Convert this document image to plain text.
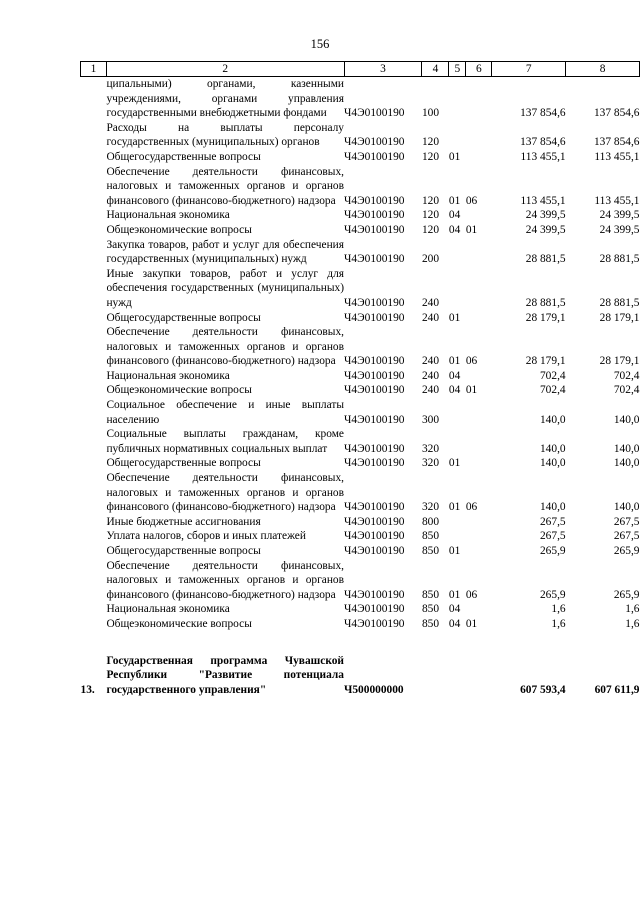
156
1	2	3	4	5	6	7	8

	ципальными) органами, казенными учреждениями, органами управления государственными внебюджетными фондами	Ч4Э0100190	100			137 854,6	137 854,6

	Расходы на выплаты персоналу государственных (муниципальных) органов	Ч4Э0100190	120			137 854,6	137 854,6

	Общегосударственные вопросы	Ч4Э0100190	120	01		113 455,1	113 455,1

	Обеспечение деятельности финансовых, налоговых и таможенных органов и органов финансового (финансово-бюджетного) надзора	Ч4Э0100190	120	01	06	113 455,1	113 455,1

	Национальная экономика	Ч4Э0100190	120	04		24 399,5	24 399,5

	Общеэкономические вопросы	Ч4Э0100190	120	04	01	24 399,5	24 399,5

	Закупка товаров, работ и услуг для обеспечения государственных (муниципальных) нужд	Ч4Э0100190	200			28 881,5	28 881,5

	Иные закупки товаров, работ и услуг для обеспечения государственных (муниципальных) нужд	Ч4Э0100190	240			28 881,5	28 881,5

	Общегосударственные вопросы	Ч4Э0100190	240	01		28 179,1	28 179,1

	Обеспечение деятельности финансовых, налоговых и таможенных органов и органов финансового (финансово-бюджетного) надзора	Ч4Э0100190	240	01	06	28 179,1	28 179,1

	Национальная экономика	Ч4Э0100190	240	04		702,4	702,4

	Общеэкономические вопросы	Ч4Э0100190	240	04	01	702,4	702,4

	Социальное обеспечение и иные выплаты населению	Ч4Э0100190	300			140,0	140,0

	Социальные выплаты гражданам, кроме публичных нормативных социальных выплат	Ч4Э0100190	320			140,0	140,0

	Общегосударственные вопросы	Ч4Э0100190	320	01		140,0	140,0

	Обеспечение деятельности финансовых, налоговых и таможенных органов и органов финансового (финансово-бюджетного) надзора	Ч4Э0100190	320	01	06	140,0	140,0

	Иные бюджетные ассигнования	Ч4Э0100190	800			267,5	267,5

	Уплата налогов, сборов и иных платежей	Ч4Э0100190	850			267,5	267,5

	Общегосударственные вопросы	Ч4Э0100190	850	01		265,9	265,9

	Обеспечение деятельности финансовых, налоговых и таможенных органов и органов финансового (финансово-бюджетного) надзора	Ч4Э0100190	850	01	06	265,9	265,9

	Национальная экономика	Ч4Э0100190	850	04		1,6	1,6

	Общеэкономические вопросы	Ч4Э0100190	850	04	01	1,6	1,6

13.	Государственная программа Чувашской Республики "Развитие потенциала государственного управления"	Ч500000000				607 593,4	607 611,9
